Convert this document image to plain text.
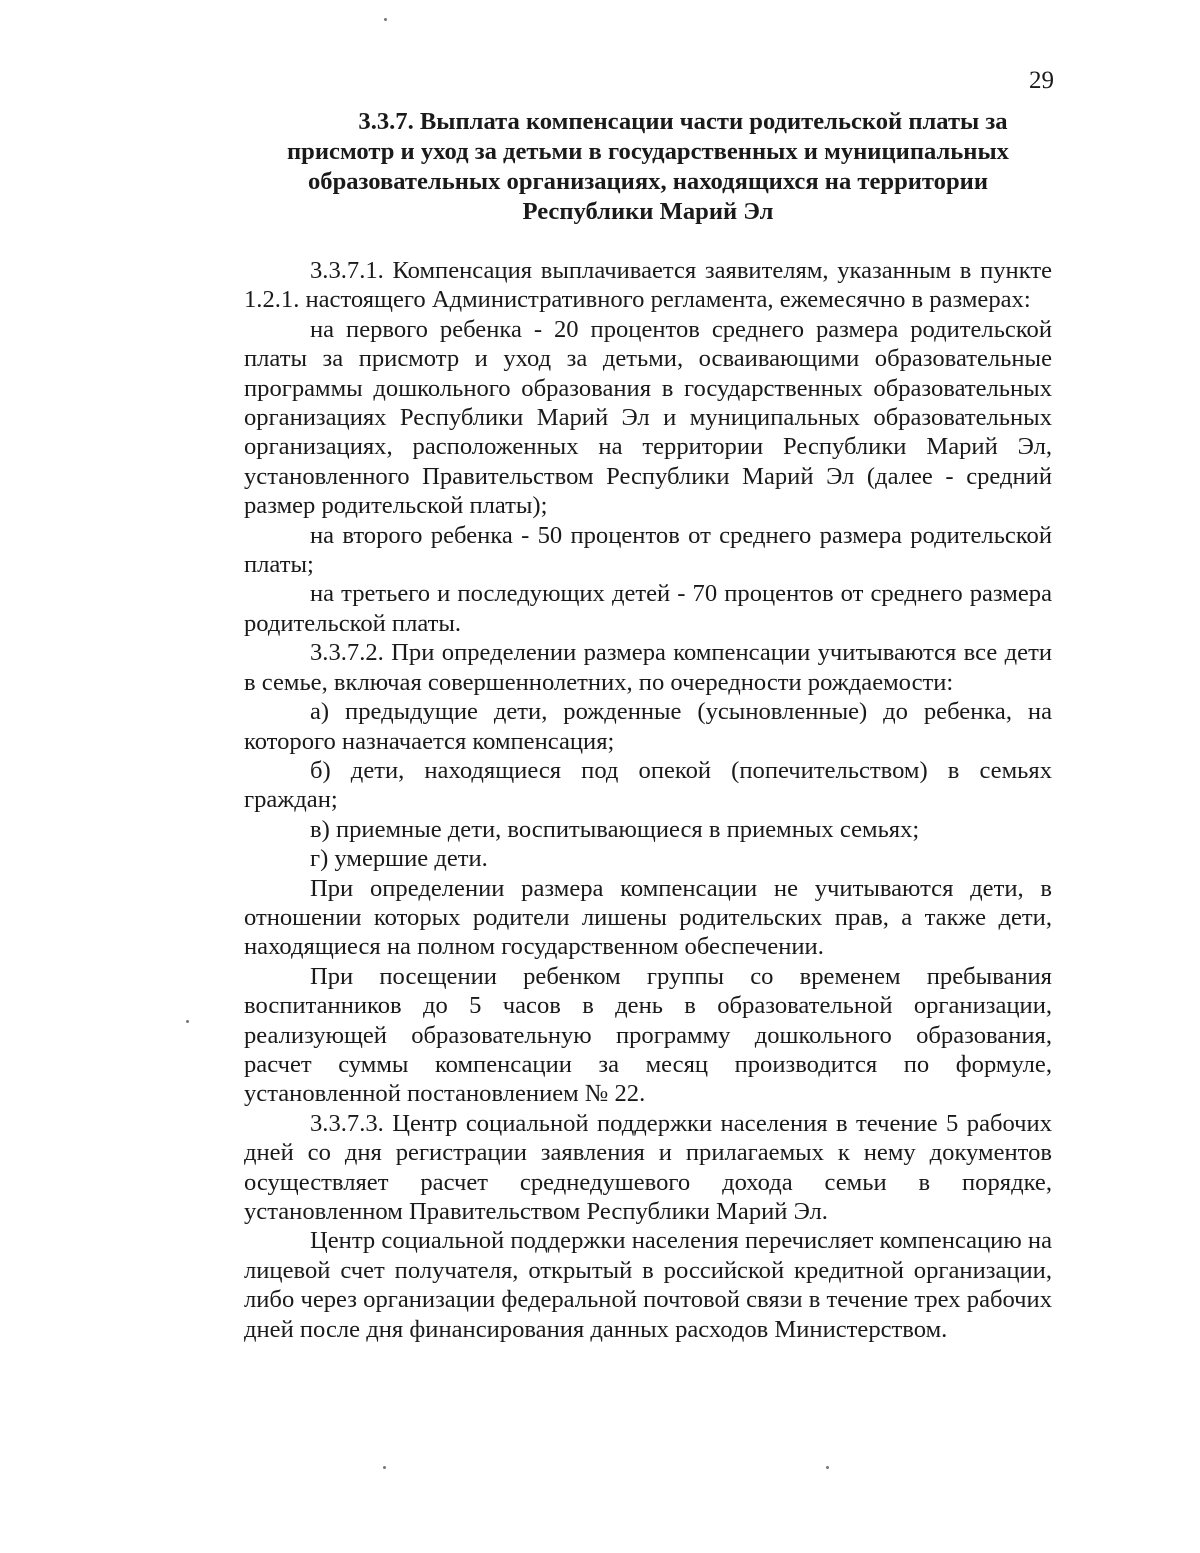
29
3.3.7. Выплата компенсации части родительской платы за
присмотр и уход за детьми в государственных и муниципальных
образовательных организациях, находящихся на территории
Республики Марий Эл

3.3.7.1. Компенсация выплачивается заявителям, указанным в пункте 1.2.1. настоящего Административного регламента, ежемесячно в размерах:

на первого ребенка - 20 процентов среднего размера родительской платы за присмотр и уход за детьми, осваивающими образовательные программы дошкольного образования в государственных образовательных организациях Республики Марий Эл и муниципальных образовательных организациях, расположенных на территории Республики Марий Эл, установленного Правительством Республики Марий Эл (далее - средний размер родительской платы);

на второго ребенка - 50 процентов от среднего размера родительской платы;

на третьего и последующих детей - 70 процентов от среднего размера родительской платы.

3.3.7.2. При определении размера компенсации учитываются все дети в семье, включая совершеннолетних, по очередности рождаемости:

а) предыдущие дети, рожденные (усыновленные) до ребенка, на которого назначается компенсация;

б) дети, находящиеся под опекой (попечительством) в семьях граждан;

в) приемные дети, воспитывающиеся в приемных семьях;

г) умершие дети.

При определении размера компенсации не учитываются дети, в отношении которых родители лишены родительских прав, а также дети, находящиеся на полном государственном обеспечении.

При посещении ребенком группы со временем пребывания воспитанников до 5 часов в день в образовательной организации, реализующей образовательную программу дошкольного образования, расчет суммы компенсации за месяц производится по формуле, установленной постановлением № 22.

3.3.7.3. Центр социальной поддержки населения в течение 5 рабочих дней со дня регистрации заявления и прилагаемых к нему документов осуществляет расчет среднедушевого дохода семьи в порядке, установленном Правительством Республики Марий Эл.

Центр социальной поддержки населения перечисляет компенсацию на лицевой счет получателя, открытый в российской кредитной организации, либо через организации федеральной почтовой связи в течение трех рабочих дней после дня финансирования данных расходов Министерством.
